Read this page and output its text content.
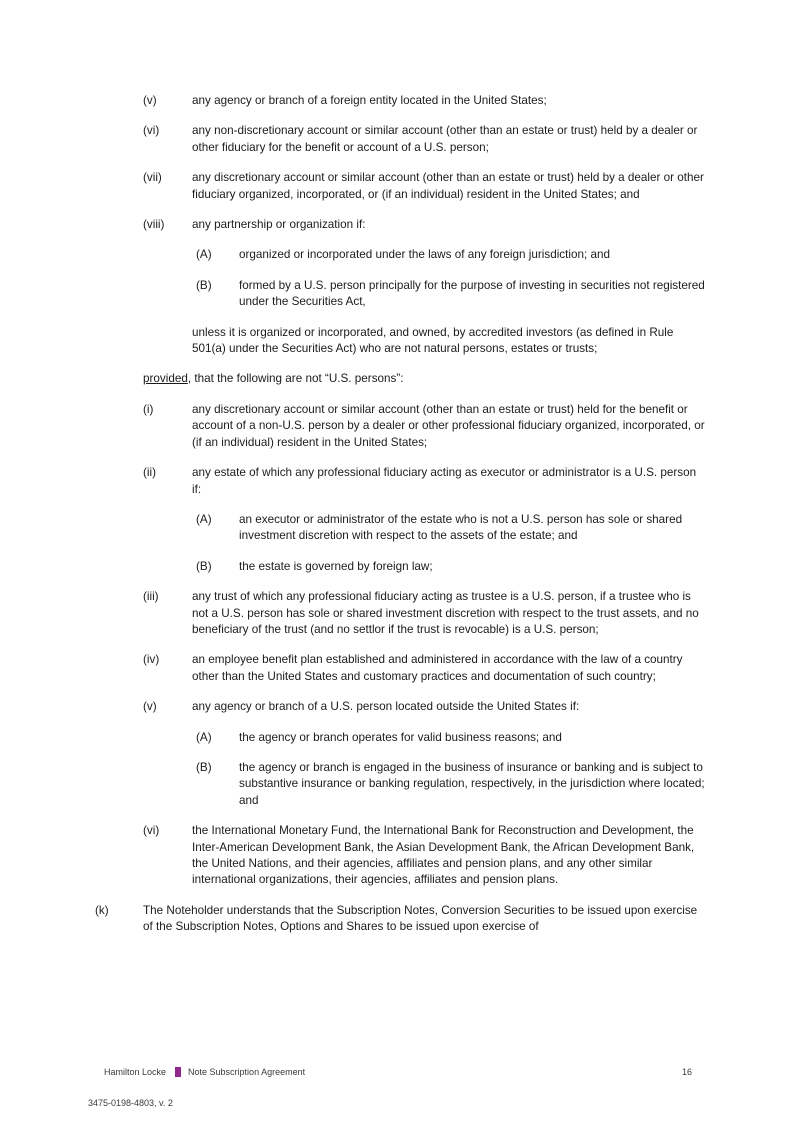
(v)	any agency or branch of a foreign entity located in the United States;
(vi)	any non-discretionary account or similar account (other than an estate or trust) held by a dealer or other fiduciary for the benefit or account of a U.S. person;
(vii)	any discretionary account or similar account (other than an estate or trust) held by a dealer or other fiduciary organized, incorporated, or (if an individual) resident in the United States; and
(viii)	any partnership or organization if:
(A)	organized or incorporated under the laws of any foreign jurisdiction; and
(B)	formed by a U.S. person principally for the purpose of investing in securities not registered under the Securities Act,
unless it is organized or incorporated, and owned, by accredited investors (as defined in Rule 501(a) under the Securities Act) who are not natural persons, estates or trusts;
provided, that the following are not “U.S. persons”:
(i)	any discretionary account or similar account (other than an estate or trust) held for the benefit or account of a non-U.S. person by a dealer or other professional fiduciary organized, incorporated, or (if an individual) resident in the United States;
(ii)	any estate of which any professional fiduciary acting as executor or administrator is a U.S. person if:
(A)	an executor or administrator of the estate who is not a U.S. person has sole or shared investment discretion with respect to the assets of the estate; and
(B)	the estate is governed by foreign law;
(iii)	any trust of which any professional fiduciary acting as trustee is a U.S. person, if a trustee who is not a U.S. person has sole or shared investment discretion with respect to the trust assets, and no beneficiary of the trust (and no settlor if the trust is revocable) is a U.S. person;
(iv)	an employee benefit plan established and administered in accordance with the law of a country other than the United States and customary practices and documentation of such country;
(v)	any agency or branch of a U.S. person located outside the United States if:
(A)	the agency or branch operates for valid business reasons; and
(B)	the agency or branch is engaged in the business of insurance or banking and is subject to substantive insurance or banking regulation, respectively, in the jurisdiction where located; and
(vi)	the International Monetary Fund, the International Bank for Reconstruction and Development, the Inter-American Development Bank, the Asian Development Bank, the African Development Bank, the United Nations, and their agencies, affiliates and pension plans, and any other similar international organizations, their agencies, affiliates and pension plans.
(k)	The Noteholder understands that the Subscription Notes, Conversion Securities to be issued upon exercise of the Subscription Notes, Options and Shares to be issued upon exercise of
Hamilton Locke Note Subscription Agreement	16
3475-0198-4803, v. 2
